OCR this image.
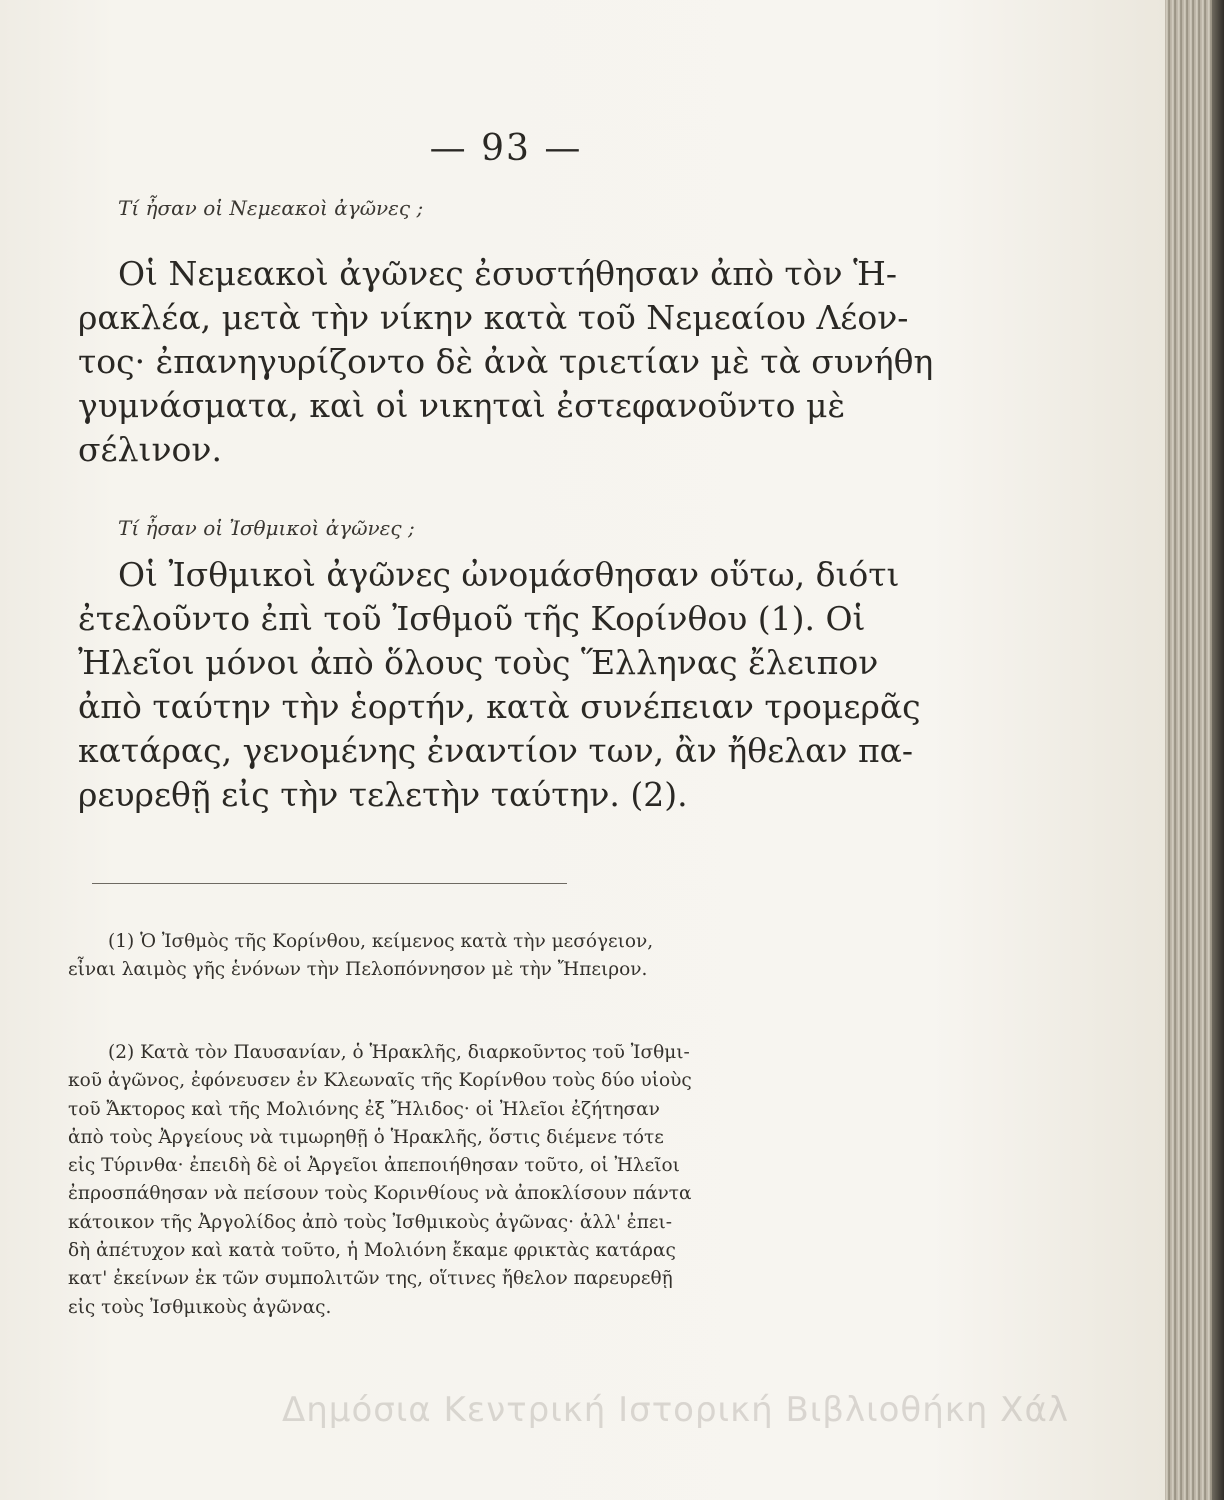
— 93 —
Τί ἦσαν οἱ Νεμεακοὶ ἀγῶνες ;
Οἱ Νεμεακοὶ ἀγῶνες ἐσυστήθησαν ἀπὸ τὸν Ἡ-
ρακλέα, μετὰ τὴν νίκην κατὰ τοῦ Νεμεαίου Λέον-
τος· ἐπανηγυρίζοντο δὲ ἀνὰ τριετίαν μὲ τὰ συνήθη
γυμνάσματα, καὶ οἱ νικηταὶ ἐστεφανοῦντο μὲ
σέλινον.
Τί ἦσαν οἱ Ἰσθμικοὶ ἀγῶνες ;
Οἱ Ἰσθμικοὶ ἀγῶνες ὠνομάσθησαν οὕτω, διότι
ἐτελοῦντο ἐπὶ τοῦ Ἰσθμοῦ τῆς Κορίνθου (1). Οἱ
Ἠλεῖοι μόνοι ἀπὸ ὅλους τοὺς Ἕλληνας ἔλειπον
ἀπὸ ταύτην τὴν ἑορτήν, κατὰ συνέπειαν τρομερᾶς
κατάρας, γενομένης ἐναντίον των, ἂν ἤθελαν πα-
ρευρεθῇ εἰς τὴν τελετὴν ταύτην. (2).
(1) Ὁ Ἰσθμὸς τῆς Κορίνθου, κείμενος κατὰ τὴν μεσόγειον,
εἶναι λαιμὸς γῆς ἑνόνων τὴν Πελοπόννησον μὲ τὴν Ἤπειρον.
(2) Κατὰ τὸν Παυσανίαν, ὁ Ἡρακλῆς, διαρκοῦντος τοῦ Ἰσθμι-
κοῦ ἀγῶνος, ἐφόνευσεν ἐν Κλεωναῖς τῆς Κορίνθου τοὺς δύο υἱοὺς
τοῦ Ἄκτορος καὶ τῆς Μολιόνης ἐξ Ἤλιδος· οἱ Ἠλεῖοι ἐζήτησαν
ἀπὸ τοὺς Ἀργείους νὰ τιμωρηθῇ ὁ Ἡρακλῆς, ὅστις διέμενε τότε
εἰς Τύρινθα· ἐπειδὴ δὲ οἱ Ἀργεῖοι ἀπεποιήθησαν τοῦτο, οἱ Ἠλεῖοι
ἐπροσπάθησαν νὰ πείσουν τοὺς Κορινθίους νὰ ἀποκλίσουν πάντα
κάτοικον τῆς Ἀργολίδος ἀπὸ τοὺς Ἰσθμικοὺς ἀγῶνας· ἀλλ' ἐπει-
δὴ ἀπέτυχον καὶ κατὰ τοῦτο, ἡ Μολιόνη ἔκαμε φρικτὰς κατάρας
κατ' ἐκείνων ἐκ τῶν συμπολιτῶν της, οἵτινες ἤθελον παρευρεθῇ
εἰς τοὺς Ἰσθμικοὺς ἀγῶνας.
Δημόσια Κεντρική Ιστορική Βιβλιοθήκη Χάλ
